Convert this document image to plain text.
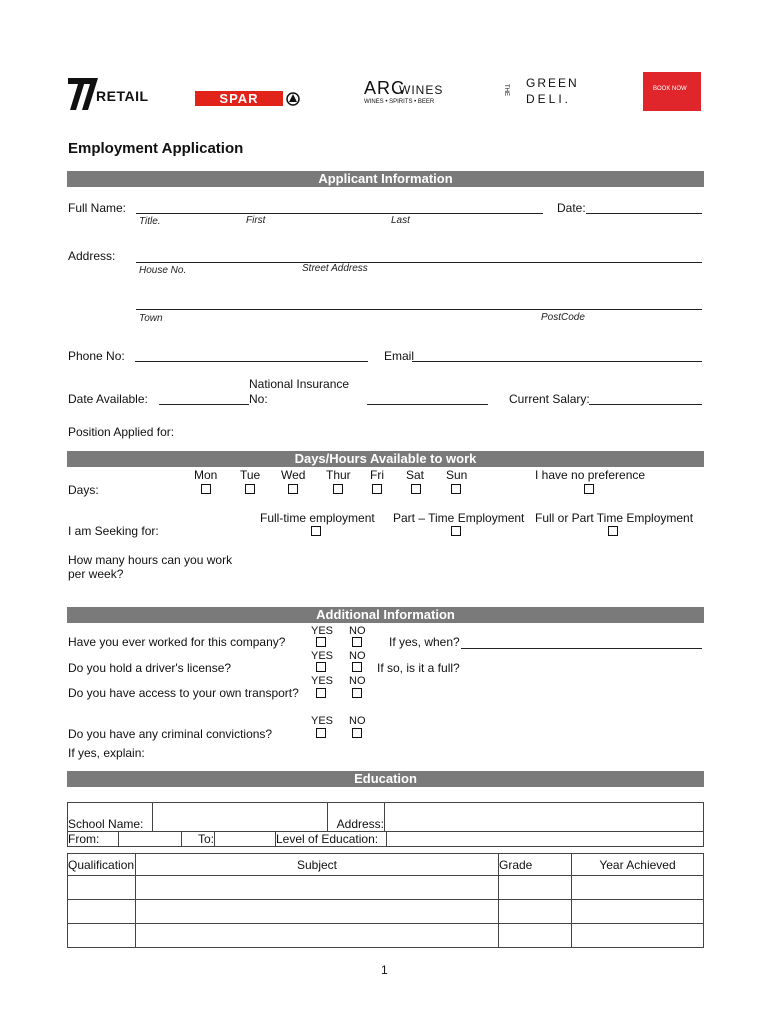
RETAIL	SPAR
ARC
WINES
WINES • SPIRITS • BEER
THE GREEN
DELI.
BOOK NOW
Employment Application
Applicant Information
Full Name:
Title.	First	Last
Date:
Address:
House No.	Street Address
Town	PostCode
Phone No:	Email
Date Available:
National Insurance
No:	Current Salary:
Position Applied for:
Days/Hours Available to work
Mon Tue Wed Thur Fri Sat Sun	I have no preference
Days:
Full-time employment Part – Time Employment Full or Part Time Employment
I am Seeking for:
How many hours can you work
per week?
Additional Information
YES NO
Have you ever worked for this company?	If yes, when?
YES NO
Do you hold a driver's license?	If so, is it a full?
YES NO
Do you have access to your own transport?
YES NO
Do you have any criminal convictions?
If yes, explain:
Education
School Name:		Address:	
From:		To:		Level of Education:	
Qualification	Subject	Grade	Year Achieved

1
